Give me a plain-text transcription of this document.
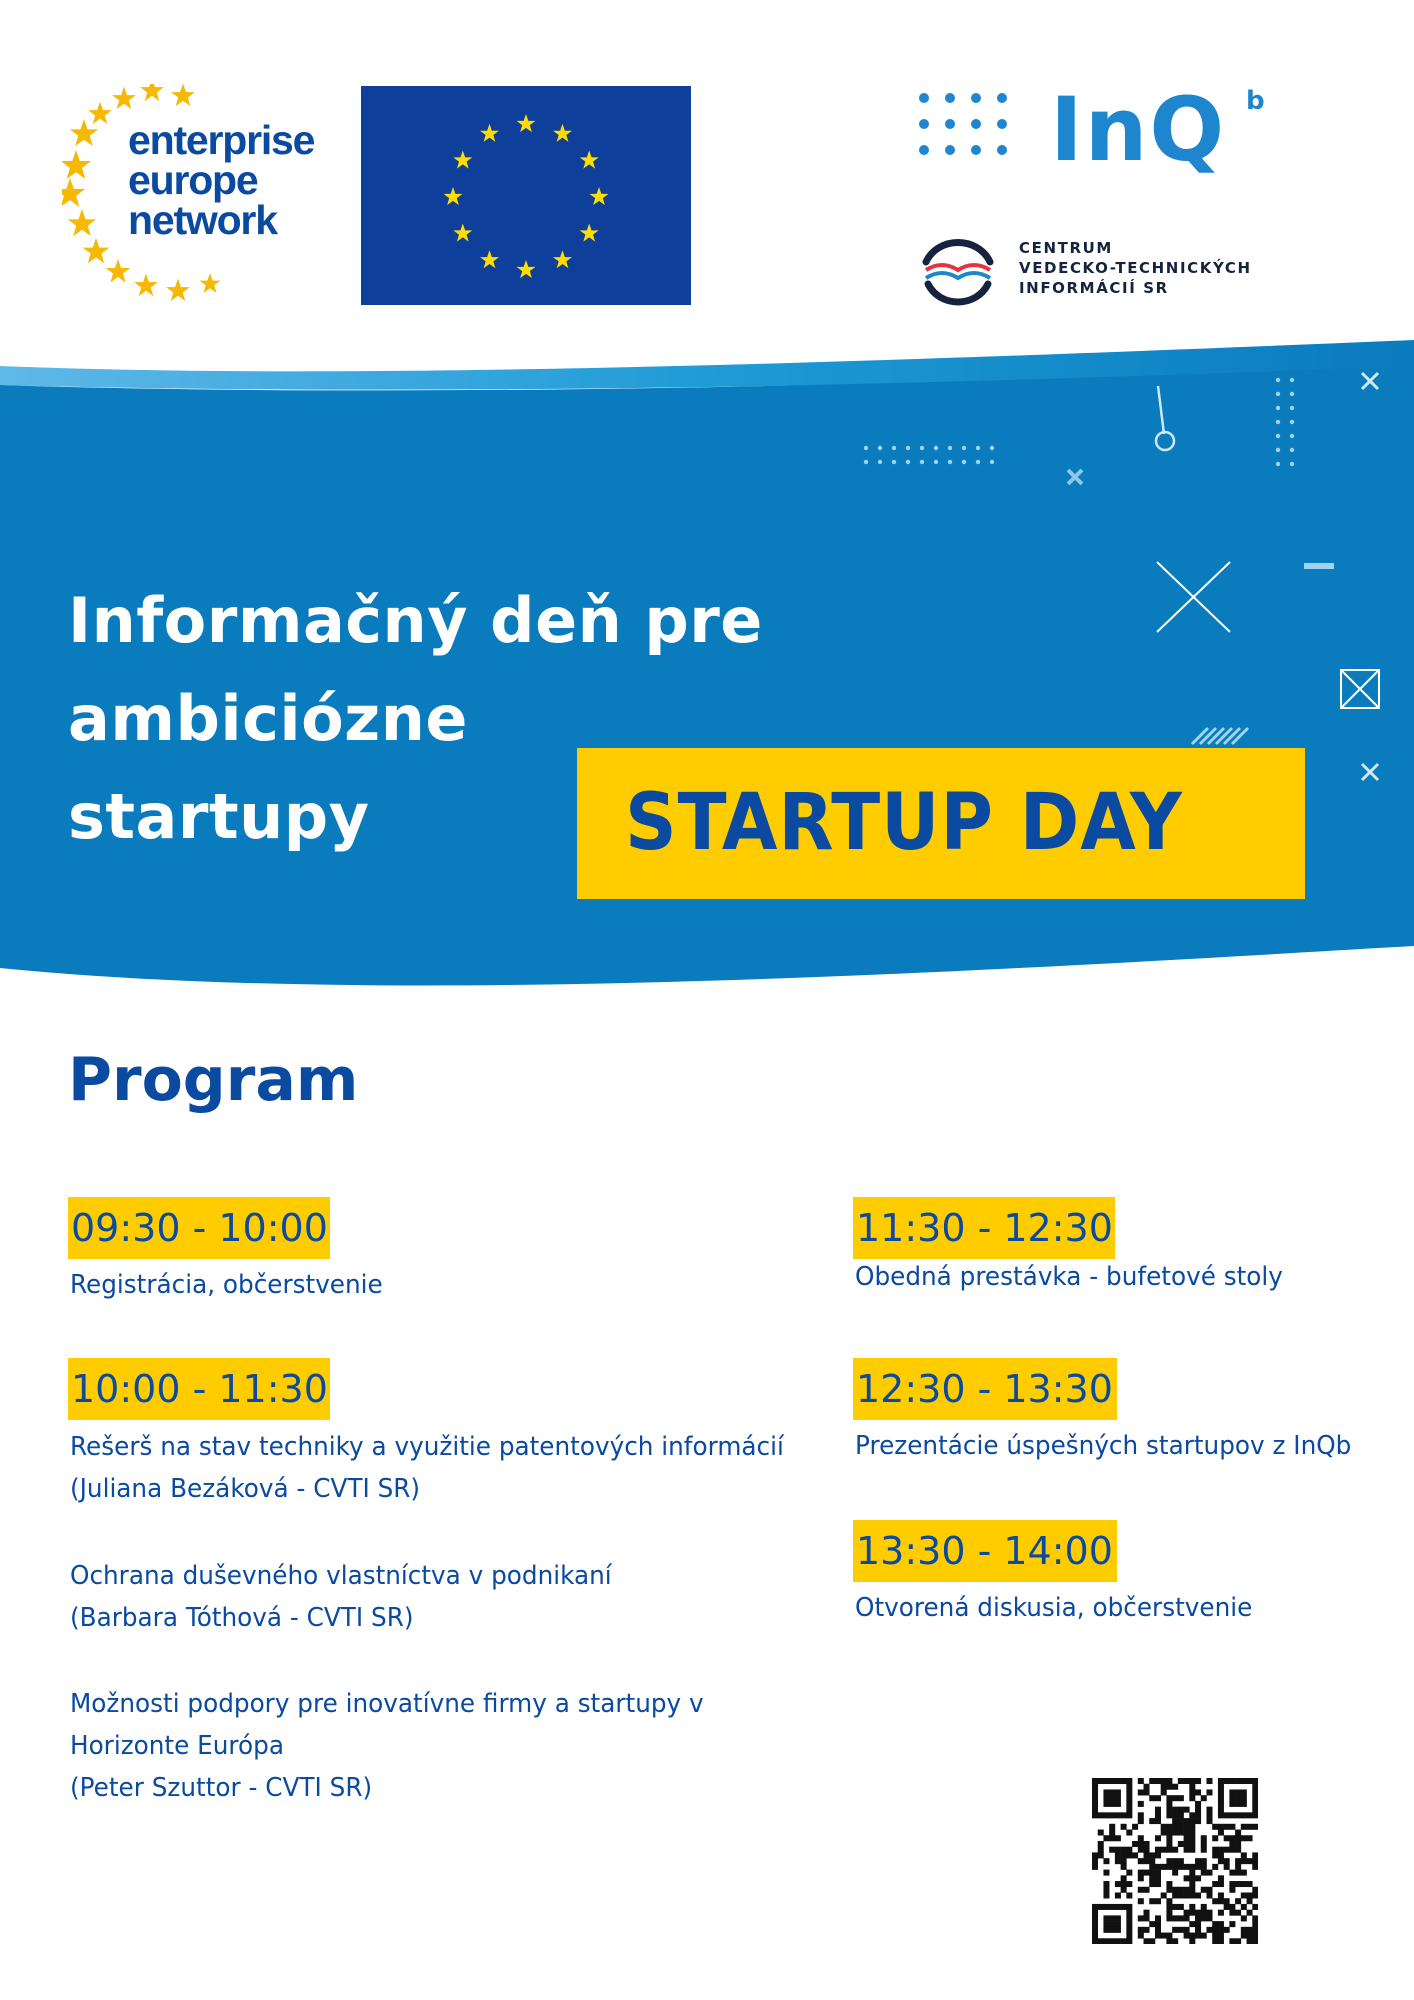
enterprise
europe
network
InQ b
CENTRUM
VEDECKO-TECHNICKÝCH
INFORMÁCIÍ SR
Informačný deň pre ambiciózne
startupy	STARTUP DAY
Program
09:30 - 10:00
Registrácia, občerstvenie
10:00 - 11:30
Rešerš na stav techniky a využitie patentových informácií
(Juliana Bezáková - CVTI SR)
Ochrana duševného vlastníctva v podnikaní
(Barbara Tóthová - CVTI SR)
Možnosti podpory pre inovatívne firmy a startupy v
Horizonte Európa
(Peter Szuttor - CVTI SR)
11:30 - 12:30
Obedná prestávka - bufetové stoly
12:30 - 13:30
Prezentácie úspešných startupov z InQb
13:30 - 14:00
Otvorená diskusia, občerstvenie
